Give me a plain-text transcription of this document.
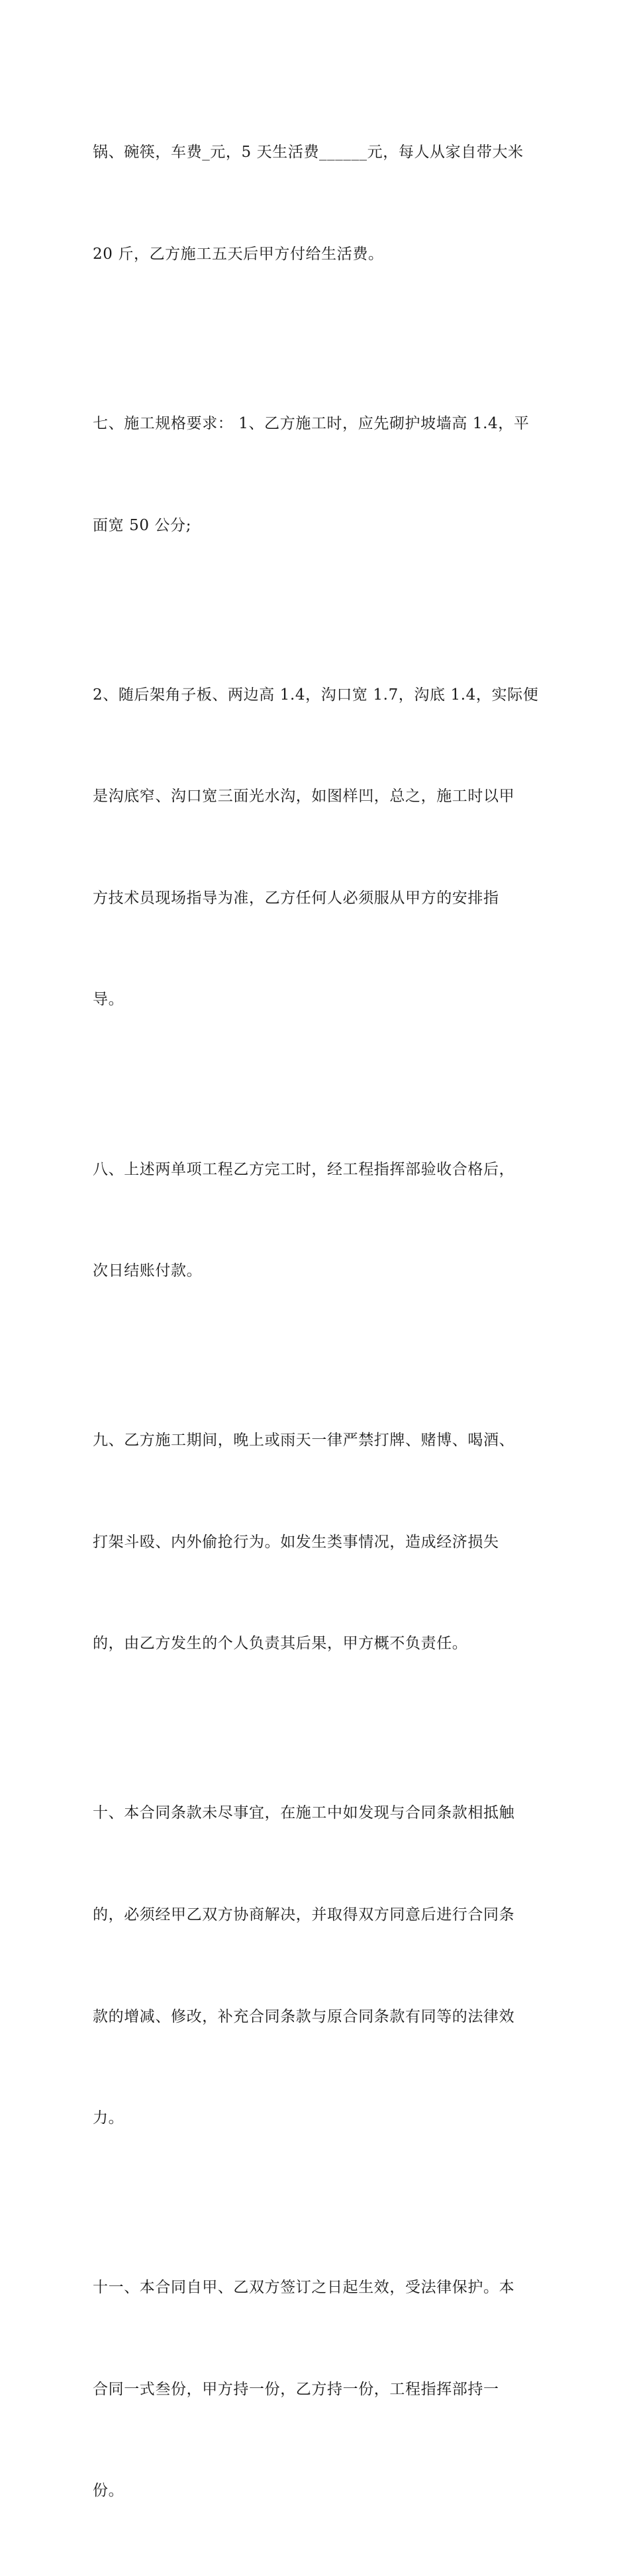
锅、碗筷，车费_元，5 天生活费______元，每人从家自带大米

20 斤，乙方施工五天后甲方付给生活费。

七、施工规格要求： 1、乙方施工时，应先砌护坡墙高 1.4，平

面宽 50 公分;

2、随后架角子板、两边高 1.4，沟口宽 1.7，沟底 1.4，实际便

是沟底窄、沟口宽三面光水沟，如图样凹，总之，施工时以甲

方技术员现场指导为准，乙方任何人必须服从甲方的安排指

导。

八、上述两单项工程乙方完工时，经工程指挥部验收合格后，

次日结账付款。

九、乙方施工期间，晚上或雨天一律严禁打牌、赌博、喝酒、

打架斗殴、内外偷抢行为。如发生类事情况，造成经济损失

的，由乙方发生的个人负责其后果，甲方概不负责任。

十、本合同条款未尽事宜，在施工中如发现与合同条款相抵触

的，必须经甲乙双方协商解决，并取得双方同意后进行合同条

款的增减、修改，补充合同条款与原合同条款有同等的法律效

力。

十一、本合同自甲、乙双方签订之日起生效，受法律保护。本

合同一式叁份，甲方持一份，乙方持一份，工程指挥部持一

份。
